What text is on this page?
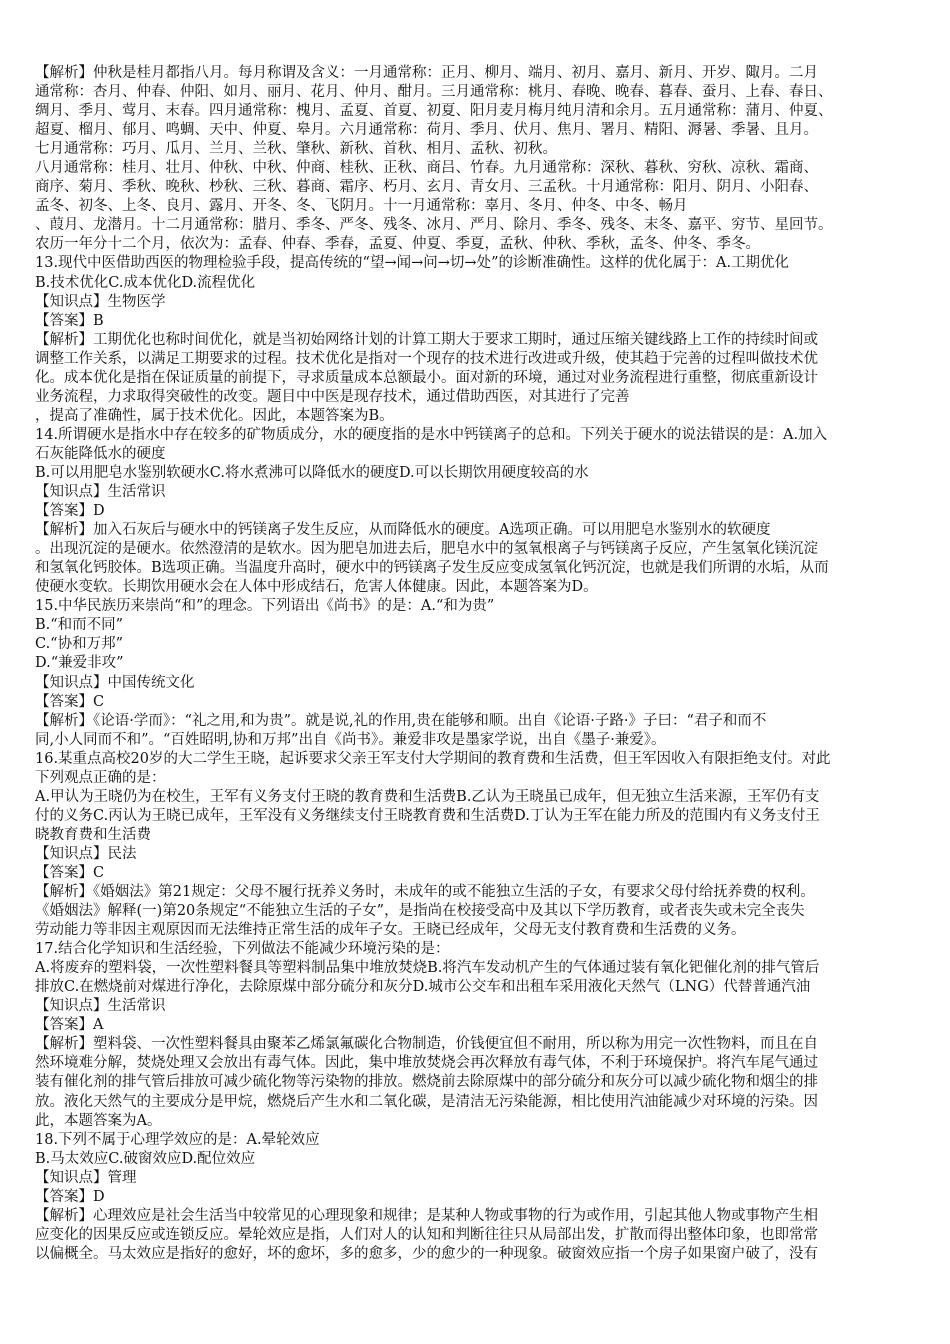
【解析】仲秋是桂月都指八月。每月称谓及含义：一月通常称：正月、柳月、端月、初月、嘉月、新月、开岁、陬月。二月
通常称：杏月、仲春、仲阳、如月、丽月、花月、仲月、酣月。三月通常称：桃月、春晚、晚春、暮春、蚕月、上春、春日、
绸月、季月、莺月、末春。四月通常称：槐月、孟夏、首夏、初夏、阳月麦月梅月纯月清和余月。五月通常称：蒲月、仲夏、
超夏、榴月、郁月、鸣蜩、天中、仲夏、皋月。六月通常称：荷月、季月、伏月、焦月、署月、精阳、溽暑、季暑、且月。
七月通常称：巧月、瓜月、兰月、兰秋、肇秋、新秋、首秋、相月、孟秋、初秋。
八月通常称：桂月、壮月、仲秋、中秋、仲商、桂秋、正秋、商吕、竹春。九月通常称：深秋、暮秋、穷秋、凉秋、霜商、
商序、菊月、季秋、晚秋、杪秋、三秋、暮商、霜序、朽月、玄月、青女月、三孟秋。十月通常称：阳月、阴月、小阳春、
孟冬、初冬、上冬、良月、露月、开冬、冬、飞阴月。十一月通常称：辜月、冬月、仲冬、中冬、畅月
、葭月、龙潜月。十二月通常称：腊月、季冬、严冬、残冬、冰月、严月、除月、季冬、残冬、末冬、嘉平、穷节、星回节。
农历一年分十二个月，依次为：孟春、仲春、季春，孟夏、仲夏、季夏，孟秋、仲秋、季秋，孟冬、仲冬、季冬。
13.现代中医借助西医的物理检验手段，提高传统的“望→闻→问→切→处”的诊断准确性。这样的优化属于：A.工期优化
B.技术优化C.成本优化D.流程优化
【知识点】生物医学
【答案】B
【解析】工期优化也称时间优化，就是当初始网络计划的计算工期大于要求工期时，通过压缩关键线路上工作的持续时间或
调整工作关系，以满足工期要求的过程。技术优化是指对一个现存的技术进行改进或升级，使其趋于完善的过程叫做技术优
化。成本优化是指在保证质量的前提下，寻求质量成本总额最小。面对新的环境，通过对业务流程进行重整，彻底重新设计
业务流程，力求取得突破性的改变。题目中中医是现存技术，通过借助西医，对其进行了完善
，提高了准确性，属于技术优化。因此，本题答案为B。
14.所谓硬水是指水中存在较多的矿物质成分，水的硬度指的是水中钙镁离子的总和。下列关于硬水的说法错误的是：A.加入
石灰能降低水的硬度
B.可以用肥皂水鉴别软硬水C.将水煮沸可以降低水的硬度D.可以长期饮用硬度较高的水
【知识点】生活常识
【答案】D
【解析】加入石灰后与硬水中的钙镁离子发生反应，从而降低水的硬度。A选项正确。可以用肥皂水鉴别水的软硬度
。出现沉淀的是硬水。依然澄清的是软水。因为肥皂加进去后，肥皂水中的氢氧根离子与钙镁离子反应，产生氢氧化镁沉淀
和氢氧化钙胶体。B选项正确。当温度升高时，硬水中的钙镁离子发生反应变成氢氧化钙沉淀，也就是我们所谓的水垢，从而
使硬水变软。长期饮用硬水会在人体中形成结石，危害人体健康。因此，本题答案为D。
15.中华民族历来崇尚“和”的理念。下列语出《尚书》的是：A.“和为贵”
B.“和而不同”
C.“协和万邦”
D.“兼爱非攻”
【知识点】中国传统文化
【答案】C
【解析】《论语·学而》：“礼之用,和为贵”。就是说,礼的作用,贵在能够和顺。出自《论语·子路·》子曰：“君子和而不
同,小人同而不和”。“百姓昭明,协和万邦”出自《尚书》。兼爱非攻是墨家学说，出自《墨子·兼爱》。
16.某重点高校20岁的大二学生王晓，起诉要求父亲王军支付大学期间的教育费和生活费，但王军因收入有限拒绝支付。对此
下列观点正确的是：
A.甲认为王晓仍为在校生，王军有义务支付王晓的教育费和生活费B.乙认为王晓虽已成年，但无独立生活来源，王军仍有支
付的义务C.丙认为王晓已成年，王军没有义务继续支付王晓教育费和生活费D.丁认为王军在能力所及的范围内有义务支付王
晓教育费和生活费
【知识点】民法
【答案】C
【解析】《婚姻法》第21规定：父母不履行抚养义务时，未成年的或不能独立生活的子女，有要求父母付给抚养费的权利。
《婚姻法》解释(一)第20条规定“不能独立生活的子女”，是指尚在校接受高中及其以下学历教育，或者丧失或未完全丧失
劳动能力等非因主观原因而无法维持正常生活的成年子女。王晓已经成年，父母无支付教育费和生活费的义务。
17.结合化学知识和生活经验，下列做法不能减少环境污染的是：
A.将废弃的塑料袋，一次性塑料餐具等塑料制品集中堆放焚烧B.将汽车发动机产生的气体通过装有氧化钯催化剂的排气管后
排放C.在燃烧前对煤进行净化，去除原煤中部分硫分和灰分D.城市公交车和出租车采用液化天然气（LNG）代替普通汽油
【知识点】生活常识
【答案】A
【解析】塑料袋、一次性塑料餐具由聚苯乙烯氯氟碳化合物制造，价钱便宜但不耐用，所以称为用完一次性物料，而且在自
然环境难分解，焚烧处理又会放出有毒气体。因此，集中堆放焚烧会再次释放有毒气体，不利于环境保护。将汽车尾气通过
装有催化剂的排气管后排放可减少硫化物等污染物的排放。燃烧前去除原煤中的部分硫分和灰分可以减少硫化物和烟尘的排
放。液化天然气的主要成分是甲烷，燃烧后产生水和二氧化碳，是清洁无污染能源，相比使用汽油能减少对环境的污染。因
此，本题答案为A。
18.下列不属于心理学效应的是：A.晕轮效应
B.马太效应C.破窗效应D.配位效应
【知识点】管理
【答案】D
【解析】心理效应是社会生活当中较常见的心理现象和规律；是某种人物或事物的行为或作用，引起其他人物或事物产生相
应变化的因果反应或连锁反应。晕轮效应是指，人们对人的认知和判断往往只从局部出发，扩散而得出整体印象，也即常常
以偏概全。马太效应是指好的愈好，坏的愈坏，多的愈多，少的愈少的一种现象。破窗效应指一个房子如果窗户破了，没有
